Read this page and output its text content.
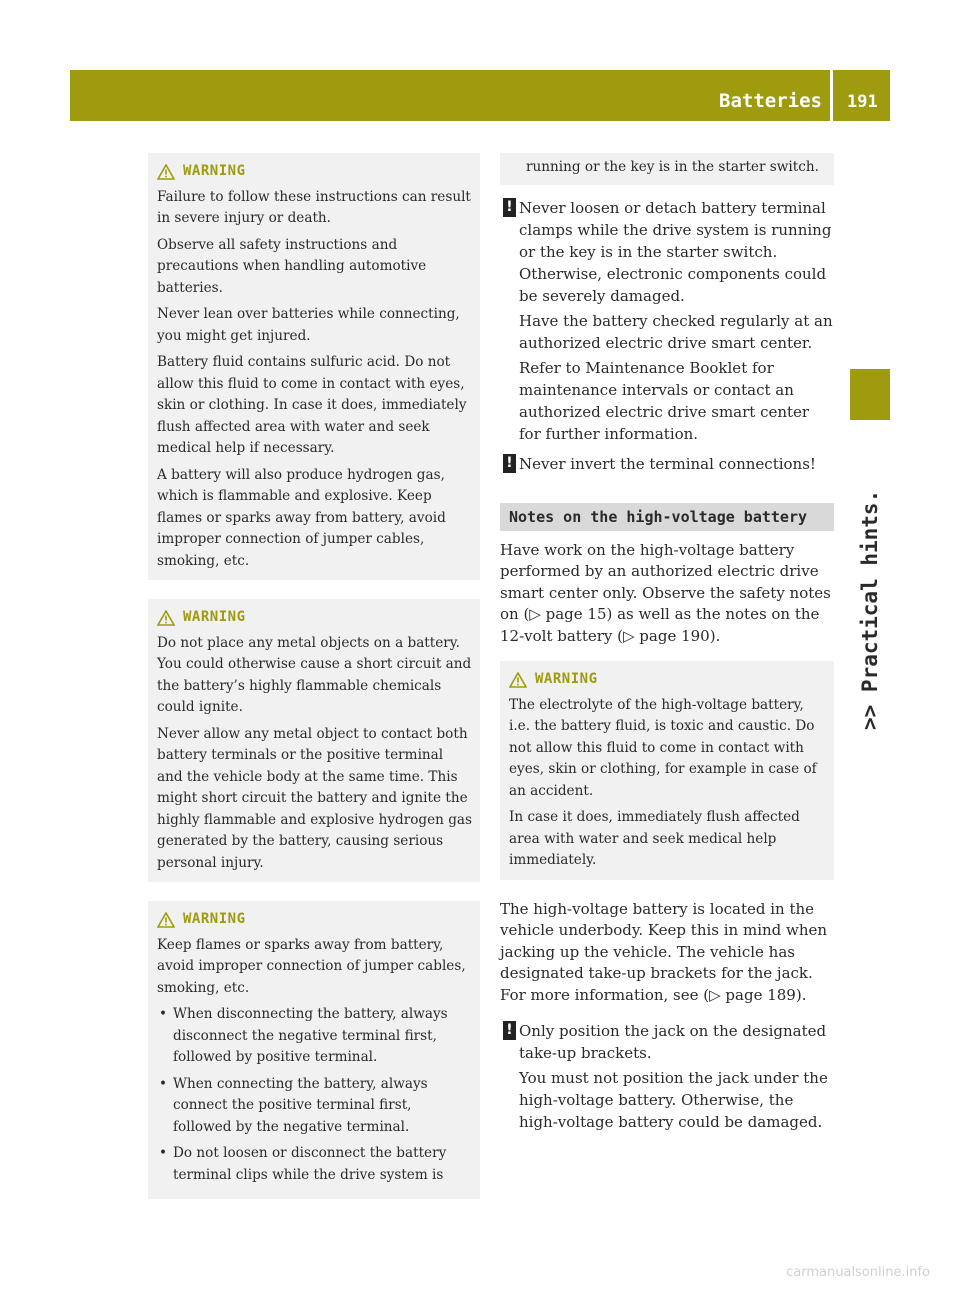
Batteries 191
>> Practical hints.
WARNING

Failure to follow these instructions can result in severe injury or death.

Observe all safety instructions and precautions when handling automotive batteries.

Never lean over batteries while connecting, you might get injured.

Battery fluid contains sulfuric acid. Do not allow this fluid to come in contact with eyes, skin or clothing. In case it does, immediately flush affected area with water and seek medical help if necessary.

A battery will also produce hydrogen gas, which is flammable and explosive. Keep flames or sparks away from battery, avoid improper connection of jumper cables, smoking, etc.

WARNING

Do not place any metal objects on a battery. You could otherwise cause a short circuit and the battery’s highly flammable chemicals could ignite.

Never allow any metal object to contact both battery terminals or the positive terminal and the vehicle body at the same time. This might short circuit the battery and ignite the highly flammable and explosive hydrogen gas generated by the battery, causing serious personal injury.

WARNING

Keep flames or sparks away from battery, avoid improper connection of jumper cables, smoking, etc.

• When disconnecting the battery, always disconnect the negative terminal first, followed by positive terminal.
• When connecting the battery, always connect the positive terminal first, followed by the negative terminal.
• Do not loosen or disconnect the battery terminal clips while the drive system is
running or the key is in the starter switch.
! Never loosen or detach battery terminal clamps while the drive system is running or the key is in the starter switch. Otherwise, electronic components could be severely damaged.

Have the battery checked regularly at an authorized electric drive smart center.

Refer to Maintenance Booklet for maintenance intervals or contact an authorized electric drive smart center for further information.

! Never invert the terminal connections!

Notes on the high-voltage battery

Have work on the high-voltage battery performed by an authorized electric drive smart center only. Observe the safety notes on (▷ page 15) as well as the notes on the 12-volt battery (▷ page 190).

WARNING

The electrolyte of the high-voltage battery, i.e. the battery fluid, is toxic and caustic. Do not allow this fluid to come in contact with eyes, skin or clothing, for example in case of an accident.

In case it does, immediately flush affected area with water and seek medical help immediately.

The high-voltage battery is located in the vehicle underbody. Keep this in mind when jacking up the vehicle. The vehicle has designated take-up brackets for the jack. For more information, see (▷ page 189).

! Only position the jack on the designated take-up brackets.

You must not position the jack under the high-voltage battery. Otherwise, the high-voltage battery could be damaged.

carmanualsonline.info
